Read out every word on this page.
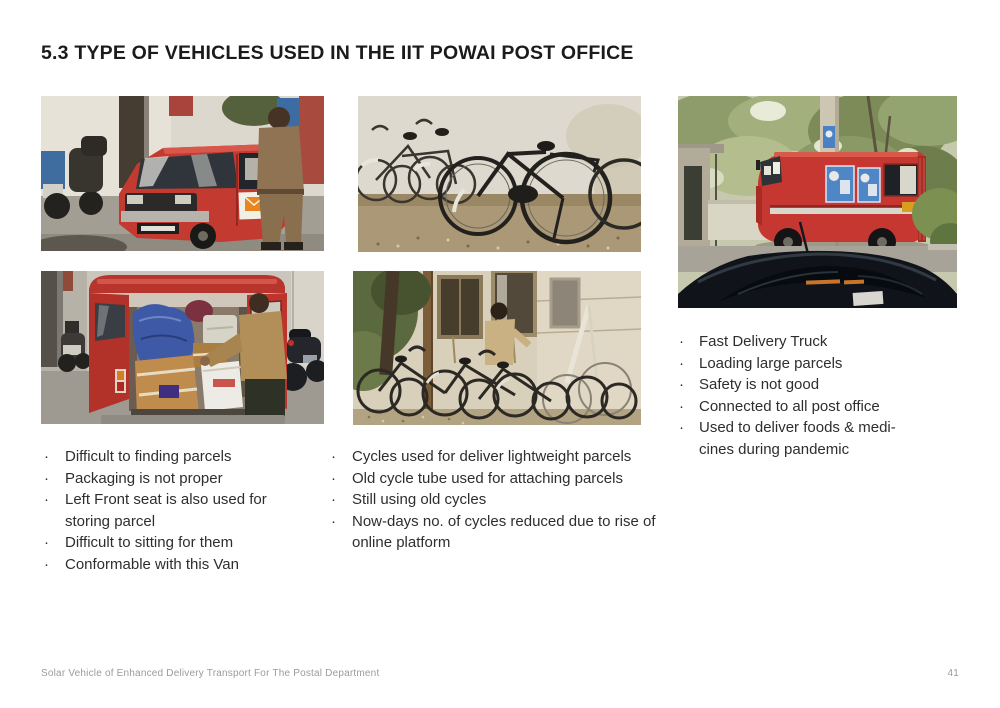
5.3 TYPE OF VEHICLES USED IN THE IIT POWAI POST OFFICE
·	Difficult to finding parcels
·	Packaging is not proper
·	Left Front seat is also used for storing parcel
·	Difficult to sitting for them
·	Conformable with this Van
·	Cycles used for deliver lightweight parcels
·	Old cycle tube used for attaching parcels
·	Still using old cycles
·	Now-days no. of cycles reduced due to rise of online platform
·	Fast Delivery Truck
·	Loading large parcels
·	Safety is not good
·	Connected to all post office
·	Used to deliver foods & medi-cines during pandemic
Solar Vehicle of Enhanced Delivery Transport For The Postal Department	41
